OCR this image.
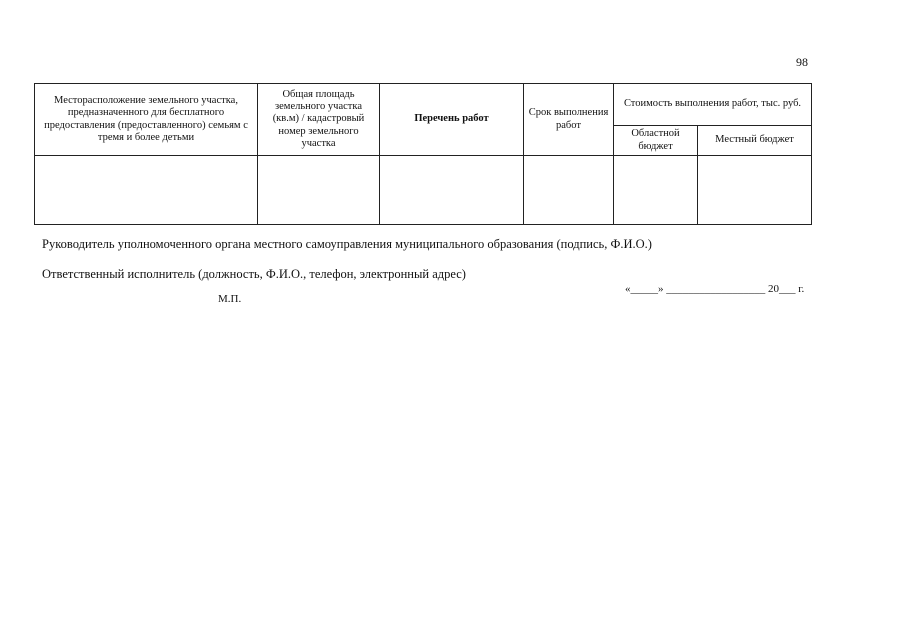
98
Месторасположение земельного участка, предназначенного для бесплатного предоставления (предоставленного) семьям с тремя и более детьми	Общая площадь земельного участка (кв.м) / кадастровый номер земельного участка	Перечень работ	Срок выполнения работ	Стоимость выполнения работ, тыс. руб.	
				Областной бюджет	Местный бюджет

Руководитель уполномоченного органа местного самоуправления муниципального образования (подпись, Ф.И.О.)
Ответственный исполнитель (должность, Ф.И.О., телефон, электронный адрес)
«_____» __________________ 20___ г.
М.П.
